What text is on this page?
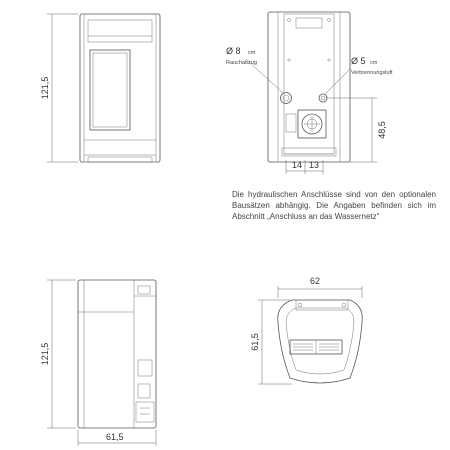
121,5
Ø 8 cm
Rauchabzug	Ø 5 cm
Verbrennungsluft
48,5
14 13
121,5
61,5
62
61,5
Die hydraulischen Anschlüsse sind von den optionalen Bausätzen abhängig. Die Angaben befinden sich im Abschnitt „Anschluss an das Wassernetz“
